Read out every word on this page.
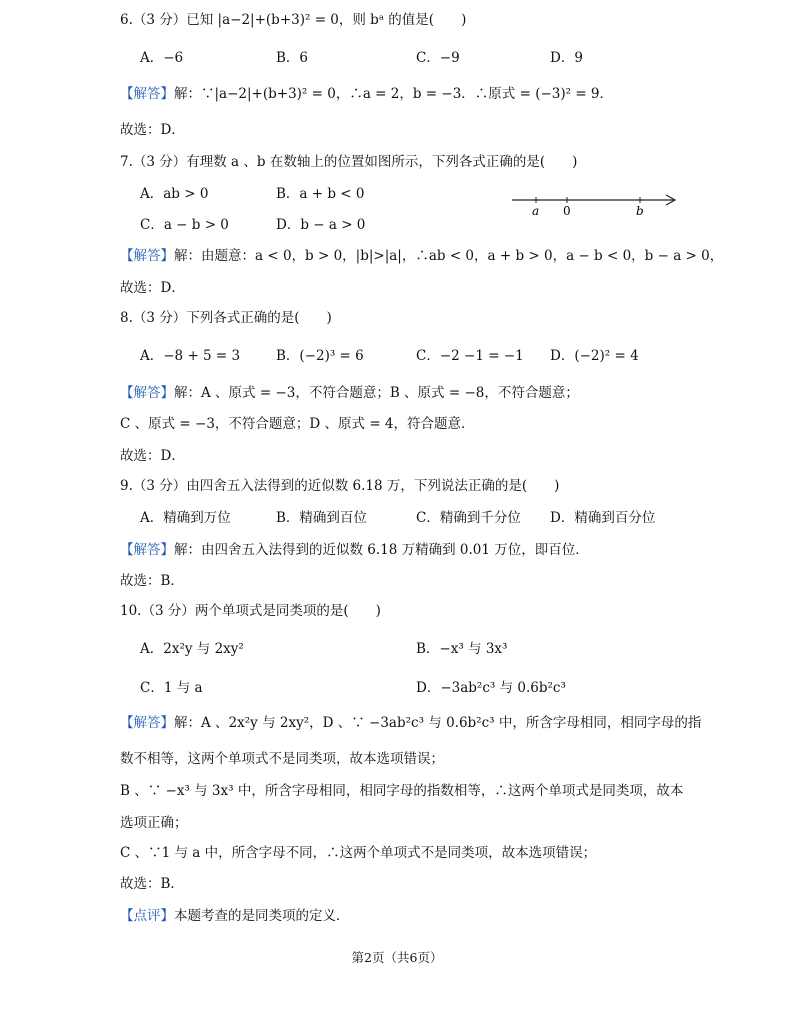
6.（3 分）已知 |a−2|+(b+3)² = 0，则 bᵃ 的值是(　　)
A．−6	B．6	C．−9	D．9
【解答】解：∵|a−2|+(b+3)² = 0，∴a = 2，b = −3．∴原式 = (−3)² = 9．
故选：D．
7.（3 分）有理数 a 、b 在数轴上的位置如图所示，下列各式正确的是(　　)
A．ab > 0	B．a + b < 0
C．a − b > 0	D．b − a > 0
a 0	b
【解答】解：由题意：a < 0，b > 0，|b|>|a|，∴ab < 0，a + b > 0，a − b < 0，b − a > 0，
故选：D．
8.（3 分）下列各式正确的是(　　)
A．−8 + 5 = 3	B．(−2)³ = 6	C．−2 −1 = −1 D．(−2)² = 4
【解答】解：A 、原式 = −3，不符合题意；B 、原式 = −8，不符合题意；
C 、原式 = −3，不符合题意；D 、原式 = 4，符合题意．
故选：D．
9.（3 分）由四舍五入法得到的近似数 6.18 万，下列说法正确的是(　　)
A．精确到万位	B．精确到百位	C．精确到千分位 D．精确到百分位
【解答】解：由四舍五入法得到的近似数 6.18 万精确到 0.01 万位，即百位．
故选：B．
10.（3 分）两个单项式是同类项的是(　　)
A．2x²y 与 2xy²	B．−x³ 与 3x³
C．1 与 a	D．−3ab²c³ 与 0.6b²c³
【解答】解：A 、2x²y 与 2xy²，D 、∵ −3ab²c³ 与 0.6b²c³ 中，所含字母相同，相同字母的指
数不相等，这两个单项式不是同类项，故本选项错误；
B 、∵ −x³ 与 3x³ 中，所含字母相同，相同字母的指数相等，∴这两个单项式是同类项，故本
选项正确；
C 、∵1 与 a 中，所含字母不同，∴这两个单项式不是同类项，故本选项错误；
故选：B．
【点评】本题考查的是同类项的定义．
第2页（共6页）
